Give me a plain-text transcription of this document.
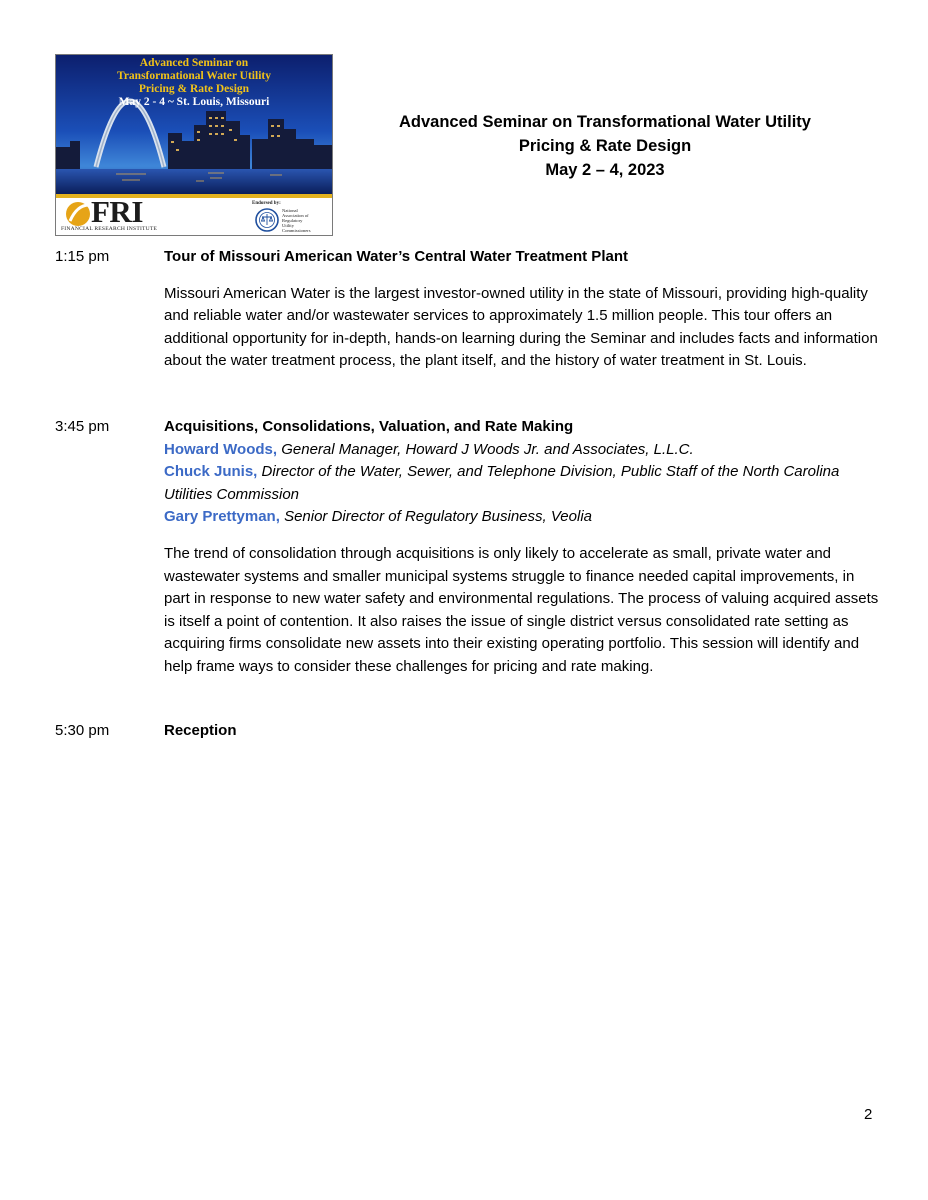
Advanced Seminar on
Transformational Water Utility
Pricing & Rate Design
May 2 - 4 ~ St. Louis, Missouri
FRI
FINANCIAL RESEARCH INSTITUTE
Endorsed by:
National
Association of
Regulatory
Utility
Commissioners
Advanced Seminar on Transformational Water Utility
Pricing & Rate Design
May 2 – 4, 2023
1:15 pm	Tour of Missouri American Water’s Central Water Treatment Plant

Missouri American Water is the largest investor-owned utility in the state of Missouri, providing high-quality and reliable water and/or wastewater services to approximately 1.5 million people. This tour offers an additional opportunity for in-depth, hands-on learning during the Seminar and includes facts and information about the water treatment process, the plant itself, and the history of water treatment in St. Louis.

3:45 pm	Acquisitions, Consolidations, Valuation, and Rate Making
Howard Woods, General Manager, Howard J Woods Jr. and Associates, L.L.C.
Chuck Junis, Director of the Water, Sewer, and Telephone Division, Public Staff of the North Carolina Utilities Commission
Gary Prettyman, Senior Director of Regulatory Business, Veolia

The trend of consolidation through acquisitions is only likely to accelerate as small, private water and wastewater systems and smaller municipal systems struggle to finance needed capital improvements, in part in response to new water safety and environmental regulations. The process of valuing acquired assets is itself a point of contention. It also raises the issue of single district versus consolidated rate setting as acquiring firms consolidate new assets into their existing operating portfolio. This session will identify and help frame ways to consider these challenges for pricing and rate making.

5:30 pm	Reception
2
